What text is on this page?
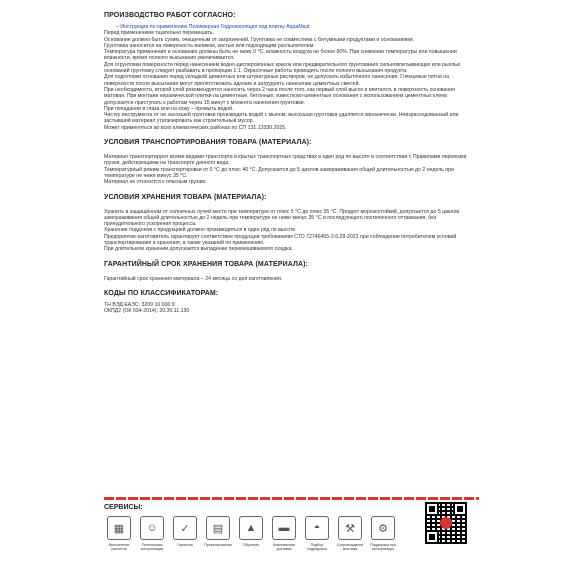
ПРОИЗВОДСТВО РАБОТ СОГЛАСНО:

– Инструкции по применению Полимерная Гидроизоляция под плитку AquaMast

Перед применением тщательно перемешать.

Основание должно быть сухим, очищенным от загрязнений. Грунтовка не совместима с битумными продуктами и основаниями.

Грунтовка наносится на поверхность валиком, кистью или подходящим распылителем.

Температура применения и основания должны быть не ниже 0 °С, влажность воздуха не более 80%. При снижении температуры или повышении влажности, время полного высыхания увеличивается.

Для огрунтовки поверхности перед нанесением водно-дисперсионных красок или предварительного грунтования сильновпитывающих или рыхлых оснований грунтовку следует разбавить в пропорции 1:1. Окрасочные работы проводить после полного высыхания продукта.

Для подготовки основания перед укладкой цементных или штукатурных растворов, не допускать избыточного нанесения. Глянцевые пятна на поверхности после высыхания могут препятствовать адгезии и затруднять нанесение цементных смесей.

При необходимости, второй слой рекомендуется наносить через 2 часа после того, как первый слой высох и впитался, в поверхность основания матовая. При монтаже керамической плитки на цементные, бетонные, известково-цементные основания с использованием цементных клеев допускается приступать к работам через 15 минут с момента нанесения грунтовки.

При попадании в глаза или на кожу – промыть водой.

Чистку инструмента от не засохшей грунтовки производить водой с мылом, высохшая грунтовка удаляется механически. Неизрасходованный или застывший материал утилизировать как строительный мусор.

Может применяться во всех климатических районах по СП 131.13330.2025.

УСЛОВИЯ ТРАНСПОРТИРОВАНИЯ ТОВАРА (МАТЕРИАЛА):

Материал транспортируют всеми видами транспорта в крытых транспортных средствах в один ряд по высоте в соответствии с Правилами перевозки грузов, действующими на транспорте данного вида.

Температурный режим транспортировки от 0 °С до плюс 40 °С. Допускается до 5 циклов замораживания общей длительностью до 2 недель при температуре не ниже минус 35 °С.

Материал не относится к опасным грузам.

УСЛОВИЯ ХРАНЕНИЯ ТОВАРА (МАТЕРИАЛА):

Хранить в защищённом от солнечных лучей месте при температуре от плюс 5 °С до плюс 35 °С. Продукт морозостойкий, допускается до 5 циклов замораживания общей длительностью до 2 недель при температуре не ниже минус 35 °С и последующего постепенного оттаивания, без принудительного ускорения процесса.

Хранение поддонов с продукцией должно производиться в один ряд по высоте.

Предприятие-изготовитель гарантирует соответствие продукции требованиям СТО 72746455-3.6.28-2023 при соблюдении потребителем условий транспортирования и хранения, а также указаний по применению.

При длительном хранении допускается выпадение перемешиваемого осадка.

ГАРАНТИЙНЫЙ СРОК ХРАНЕНИЯ ТОВАРА (МАТЕРИАЛА):

Гарантийный срок хранения материала – 24 месяца со дня изготовления.

КОДЫ ПО КЛАССИФИКАТОРАМ:

ТН ВЭД ЕАЭС: 3209 10 000 9

ОКПД2 (ОК 034-2014): 20.30.11.130

СЕРВИСЫ:
▦
Выполнение расчетов
☺
Техническая консультация
✓
Гарантии
▤
Проектирование
▲
Обучение
▬
Комплексная доставка
◓
Подбор подрядчика
⚒
Сопровождение монтажа
⚙
Поддержка при эксплуатации
